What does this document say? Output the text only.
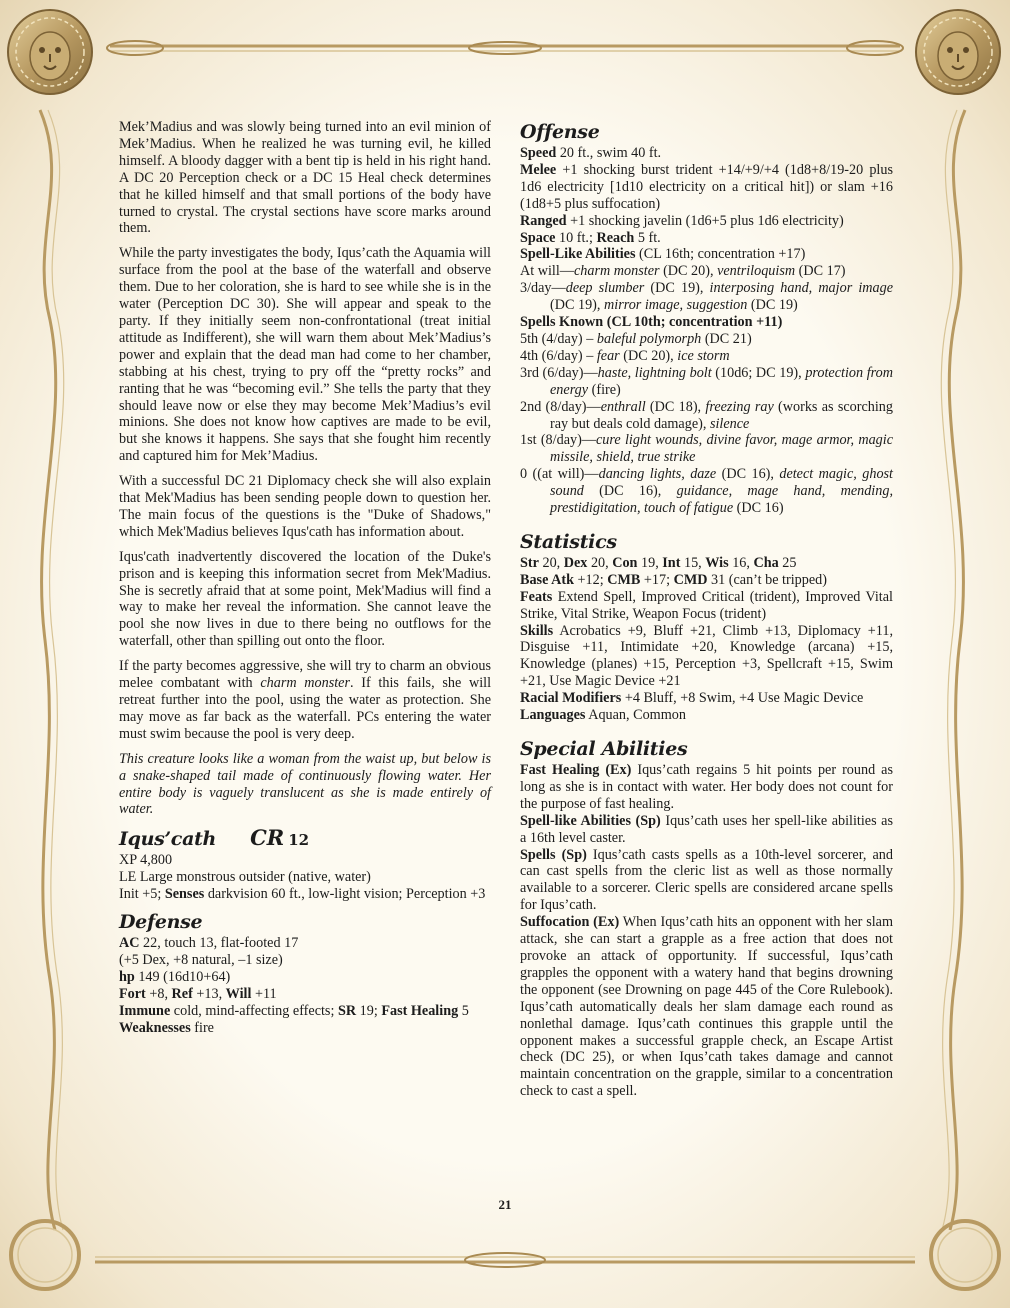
Mek’Madius and was slowly being turned into an evil minion of Mek’Madius. When he realized he was turning evil, he killed himself. A bloody dagger with a bent tip is held in his right hand. A DC 20 Perception check or a DC 15 Heal check determines that he killed himself and that small portions of the body have turned to crystal. The crystal sections have score marks around them.

While the party investigates the body, Iqus’cath the Aquamia will surface from the pool at the base of the waterfall and observe them. Due to her coloration, she is hard to see while she is in the water (Perception DC 30). She will appear and speak to the party. If they initially seem non-confrontational (treat initial attitude as Indifferent), she will warn them about Mek’Madius’s power and explain that the dead man had come to her chamber, stabbing at his chest, trying to pry off the “pretty rocks” and ranting that he was “becoming evil.” She tells the party that they should leave now or else they may become Mek’Madius’s evil minions. She does not know how captives are made to be evil, but she knows it happens. She says that she fought him recently and captured him for Mek’Madius.

With a successful DC 21 Diplomacy check she will also explain that Mek'Madius has been sending people down to question her. The main focus of the questions is the "Duke of Shadows," which Mek'Madius believes Iqus'cath has information about.

Iqus'cath inadvertently discovered the location of the Duke's prison and is keeping this information secret from Mek'Madius. She is secretly afraid that at some point, Mek'Madius will find a way to make her reveal the information. She cannot leave the pool she now lives in due to there being no outflows for the waterfall, other than spilling out onto the floor.

If the party becomes aggressive, she will try to charm an obvious melee combatant with charm monster. If this fails, she will retreat further into the pool, using the water as protection. She may move as far back as the waterfall. PCs entering the water must swim because the pool is very deep.

This creature looks like a woman from the waist up, but below is a snake-shaped tail made of continuously flowing water. Her entire body is vaguely translucent as she is made entirely of water.

Iqus’cath CR 12

XP 4,800

LE Large monstrous outsider (native, water)

Init +5; Senses darkvision 60 ft., low-light vision; Perception +3

Defense

AC 22, touch 13, flat-footed 17

(+5 Dex, +8 natural, –1 size)

hp 149 (16d10+64)

Fort +8, Ref +13, Will +11

Immune cold, mind-affecting effects; SR 19; Fast Healing 5

Weaknesses fire

Offense

Speed 20 ft., swim 40 ft.

Melee +1 shocking burst trident +14/+9/+4 (1d8+8/19-20 plus 1d6 electricity [1d10 electricity on a critical hit]) or slam +16 (1d8+5 plus suffocation)

Ranged +1 shocking javelin (1d6+5 plus 1d6 electricity)

Space 10 ft.; Reach 5 ft.

Spell-Like Abilities (CL 16th; concentration +17)

At will—charm monster (DC 20), ventriloquism (DC 17)

3/day—deep slumber (DC 19), interposing hand, major image (DC 19), mirror image, suggestion (DC 19)

Spells Known (CL 10th; concentration +11)

5th (4/day) – baleful polymorph (DC 21)

4th (6/day) – fear (DC 20), ice storm

3rd (6/day)—haste, lightning bolt (10d6; DC 19), protection from energy (fire)

2nd (8/day)—enthrall (DC 18), freezing ray (works as scorching ray but deals cold damage), silence

1st (8/day)—cure light wounds, divine favor, mage armor, magic missile, shield, true strike

0 ((at will)—dancing lights, daze (DC 16), detect magic, ghost sound (DC 16), guidance, mage hand, mending, prestidigitation, touch of fatigue (DC 16)

Statistics

Str 20, Dex 20, Con 19, Int 15, Wis 16, Cha 25

Base Atk +12; CMB +17; CMD 31 (can’t be tripped)

Feats Extend Spell, Improved Critical (trident), Improved Vital Strike, Vital Strike, Weapon Focus (trident)

Skills Acrobatics +9, Bluff +21, Climb +13, Diplomacy +11, Disguise +11, Intimidate +20, Knowledge (arcana) +15, Knowledge (planes) +15, Perception +3, Spellcraft +15, Swim +21, Use Magic Device +21

Racial Modifiers +4 Bluff, +8 Swim, +4 Use Magic Device

Languages Aquan, Common

Special Abilities

Fast Healing (Ex) Iqus’cath regains 5 hit points per round as long as she is in contact with water. Her body does not count for the purpose of fast healing.

Spell-like Abilities (Sp) Iqus’cath uses her spell-like abilities as a 16th level caster.

Spells (Sp) Iqus’cath casts spells as a 10th-level sorcerer, and can cast spells from the cleric list as well as those normally available to a sorcerer. Cleric spells are considered arcane spells for Iqus’cath.

Suffocation (Ex) When Iqus’cath hits an opponent with her slam attack, she can start a grapple as a free action that does not provoke an attack of opportunity. If successful, Iqus’cath grapples the opponent with a watery hand that begins drowning the opponent (see Drowning on page 445 of the Core Rulebook). Iqus’cath automatically deals her slam damage each round as nonlethal damage. Iqus’cath continues this grapple until the opponent makes a successful grapple check, an Escape Artist check (DC 25), or when Iqus’cath takes damage and cannot maintain concentration on the grapple, similar to a concentration check to cast a spell.

21
